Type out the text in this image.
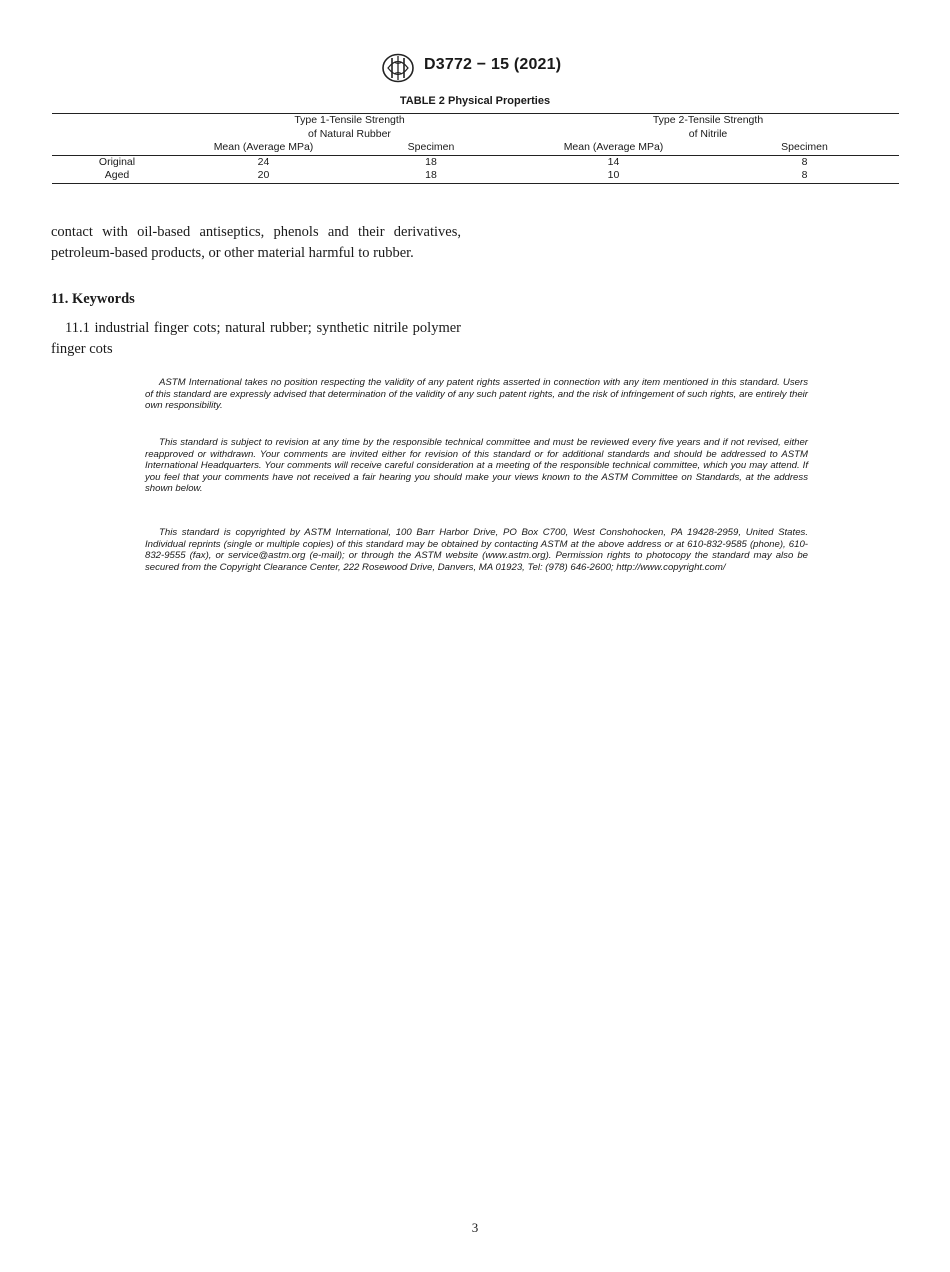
D3772 − 15 (2021)
TABLE 2 Physical Properties
	Type 1-Tensile Strength		Type 2-Tensile Strength	
	of Natural Rubber		of Nitrile	
	Mean (Average MPa)	Specimen	Mean (Average MPa)	Specimen
Original	24	18	14	8
Aged	20	18	10	8
contact with oil-based antiseptics, phenols and their derivatives, petroleum-based products, or other material harmful to rubber.
11. Keywords
11.1 industrial finger cots; natural rubber; synthetic nitrile polymer finger cots
ASTM International takes no position respecting the validity of any patent rights asserted in connection with any item mentioned in this standard. Users of this standard are expressly advised that determination of the validity of any such patent rights, and the risk of infringement of such rights, are entirely their own responsibility.
This standard is subject to revision at any time by the responsible technical committee and must be reviewed every five years and if not revised, either reapproved or withdrawn. Your comments are invited either for revision of this standard or for additional standards and should be addressed to ASTM International Headquarters. Your comments will receive careful consideration at a meeting of the responsible technical committee, which you may attend. If you feel that your comments have not received a fair hearing you should make your views known to the ASTM Committee on Standards, at the address shown below.
This standard is copyrighted by ASTM International, 100 Barr Harbor Drive, PO Box C700, West Conshohocken, PA 19428-2959, United States. Individual reprints (single or multiple copies) of this standard may be obtained by contacting ASTM at the above address or at 610-832-9585 (phone), 610-832-9555 (fax), or service@astm.org (e-mail); or through the ASTM website (www.astm.org). Permission rights to photocopy the standard may also be secured from the Copyright Clearance Center, 222 Rosewood Drive, Danvers, MA 01923, Tel: (978) 646-2600; http://www.copyright.com/
3
